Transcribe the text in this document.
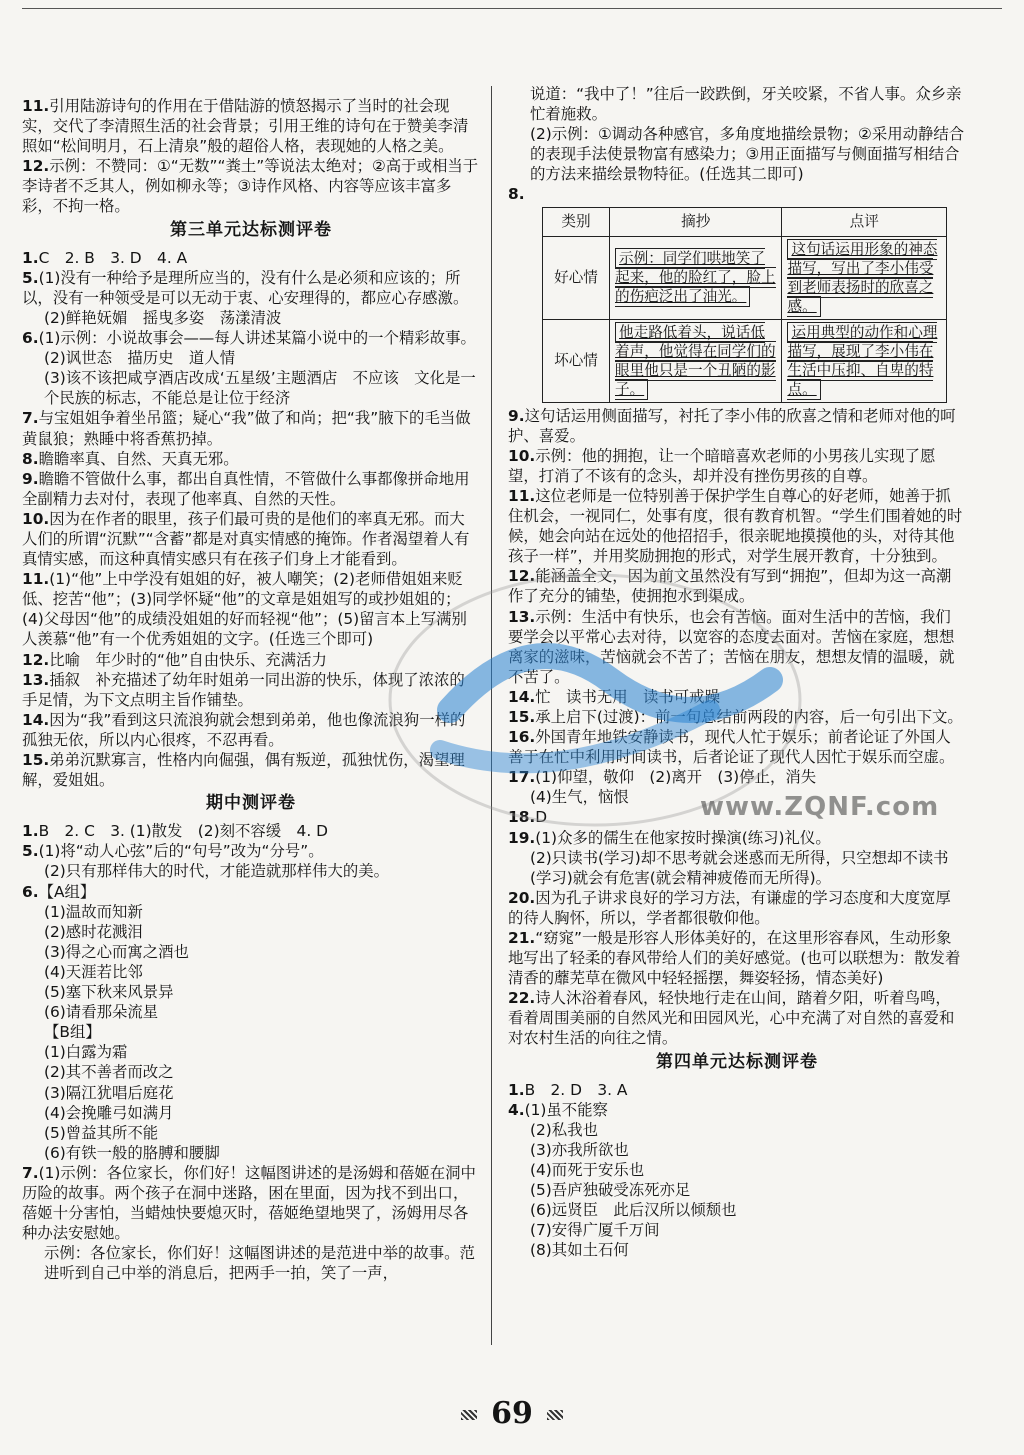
11.引用陆游诗句的作用在于借陆游的愤怒揭示了当时的社会现实，交代了李清照生活的社会背景；引用王维的诗句在于赞美李清照如“松间明月，石上清泉”般的超俗人格，表现她的人格之美。

12.示例：不赞同：①“无数”“粪土”等说法太绝对；②高于或相当于李诗者不乏其人，例如柳永等；③诗作风格、内容等应该丰富多彩，不拘一格。

第三单元达标测评卷

1.C　2. B　3. D　4. A

5.(1)没有一种给予是理所应当的，没有什么是必须和应该的；所以，没有一种领受是可以无动于衷、心安理得的，都应心存感激。

(2)鲜艳妩媚　摇曳多姿　荡漾清波

6.(1)示例：小说故事会——每人讲述某篇小说中的一个精彩故事。

(2)讽世态　描历史　道人情

(3)该不该把咸亨酒店改成‘五星级’主题酒店　不应该　文化是一个民族的标志，不能总是让位于经济

7.与宝姐姐争着坐吊篮；疑心“我”做了和尚；把“我”腋下的毛当做黄鼠狼；熟睡中将香蕉扔掉。

8.瞻瞻率真、自然、天真无邪。

9.瞻瞻不管做什么事，都出自真性情，不管做什么事都像拼命地用全副精力去对付，表现了他率真、自然的天性。

10.因为在作者的眼里，孩子们最可贵的是他们的率真无邪。而大人们的所谓“沉默”“含蓄”都是对真实情感的掩饰。作者渴望着人有真情实感，而这种真情实感只有在孩子们身上才能看到。

11.(1)“他”上中学没有姐姐的好，被人嘲笑；(2)老师借姐姐来贬低、挖苦“他”；(3)同学怀疑“他”的文章是姐姐写的或抄姐姐的；(4)父母因“他”的成绩没姐姐的好而轻视“他”；(5)留言本上写满别人羡慕“他”有一个优秀姐姐的文字。(任选三个即可)

12.比喻　年少时的“他”自由快乐、充满活力

13.插叙　补充描述了幼年时姐弟一同出游的快乐，体现了浓浓的手足情，为下文点明主旨作铺垫。

14.因为“我”看到这只流浪狗就会想到弟弟，他也像流浪狗一样的孤独无依，所以内心很疼，不忍再看。

15.弟弟沉默寡言，性格内向倔强，偶有叛逆，孤独忧伤，渴望理解，爱姐姐。

期中测评卷

1.B　2. C　3. (1)散发　(2)刻不容缓　4. D

5.(1)将“动人心弦”后的“句号”改为“分号”。

(2)只有那样伟大的时代，才能造就那样伟大的美。

6.【A组】

(1)温故而知新

(2)感时花溅泪

(3)得之心而寓之酒也

(4)天涯若比邻

(5)塞下秋来风景异

(6)请看那朵流星

【B组】

(1)白露为霜

(2)其不善者而改之

(3)隔江犹唱后庭花

(4)会挽雕弓如满月

(5)曾益其所不能

(6)有铁一般的胳膊和腰脚

7.(1)示例：各位家长，你们好！这幅图讲述的是汤姆和蓓姬在洞中历险的故事。两个孩子在洞中迷路，困在里面，因为找不到出口，蓓姬十分害怕，当蜡烛快要熄灭时，蓓姬绝望地哭了，汤姆用尽各种办法安慰她。

示例：各位家长，你们好！这幅图讲述的是范进中举的故事。范进听到自己中举的消息后，把两手一拍，笑了一声，

说道：“我中了！”往后一跤跌倒，牙关咬紧，不省人事。众乡亲忙着施救。

(2)示例：①调动各种感官，多角度地描绘景物；②采用动静结合的表现手法使景物富有感染力；③用正面描写与侧面描写相结合的方法来描绘景物特征。(任选其二即可)

8.

类别	摘抄	点评
好心情	示例：同学们哄地笑了起来，他的脸红了，脸上的伤疤泛出了油光。	这句话运用形象的神态描写，写出了李小伟受到老师表扬时的欣喜之感。
坏心情	他走路低着头，说话低着声，他觉得在同学们的眼里他只是一个丑陋的影子。	运用典型的动作和心理描写，展现了李小伟在生活中压抑、自卑的特点。

9.这句话运用侧面描写，衬托了李小伟的欣喜之情和老师对他的呵护、喜爱。

10.示例：他的拥抱，让一个暗暗喜欢老师的小男孩儿实现了愿望，打消了不该有的念头，却并没有挫伤男孩的自尊。

11.这位老师是一位特别善于保护学生自尊心的好老师，她善于抓住机会，一视同仁，处事有度，很有教育机智。“学生们围着她的时候，她会向站在远处的他招招手，很亲昵地摸摸他的头，对待其他孩子一样”，并用奖励拥抱的形式，对学生展开教育，十分独到。

12.能涵盖全文，因为前文虽然没有写到“拥抱”，但却为这一高潮作了充分的铺垫，使拥抱水到渠成。

13.示例：生活中有快乐，也会有苦恼。面对生活中的苦恼，我们要学会以平常心去对待，以宽容的态度去面对。苦恼在家庭，想想离家的滋味，苦恼就会不苦了；苦恼在朋友，想想友情的温暖，就不苦了。

14.忙　读书无用　读书可戒躁

15.承上启下(过渡)：前一句总结前两段的内容，后一句引出下文。

16.外国青年地铁安静读书，现代人忙于娱乐；前者论证了外国人善于在忙中利用时间读书，后者论证了现代人因忙于娱乐而空虚。

17.(1)仰望，敬仰　(2)离开　(3)停止，消失

(4)生气，恼恨

18.D

19.(1)众多的儒生在他家按时操演(练习)礼仪。

(2)只读书(学习)却不思考就会迷惑而无所得，只空想却不读书(学习)就会有危害(就会精神疲倦而无所得)。

20.因为孔子讲求良好的学习方法，有谦虚的学习态度和大度宽厚的待人胸怀，所以，学者都很敬仰他。

21.“窈窕”一般是形容人形体美好的，在这里形容春风，生动形象地写出了轻柔的春风带给人们的美好感觉。(也可以联想为：散发着清香的蘼芜草在微风中轻轻摇摆，舞姿轻扬，情态美好)

22.诗人沐浴着春风，轻快地行走在山间，踏着夕阳，听着鸟鸣，看着周围美丽的自然风光和田园风光，心中充满了对自然的喜爱和对农村生活的向往之情。

第四单元达标测评卷

1.B　2. D　3. A

4.(1)虽不能察

(2)私我也

(3)亦我所欲也

(4)而死于安乐也

(5)吾庐独破受冻死亦足

(6)远贤臣　此后汉所以倾颓也

(7)安得广厦千万间

(8)其如土石何

www.ZQNF.com
69
